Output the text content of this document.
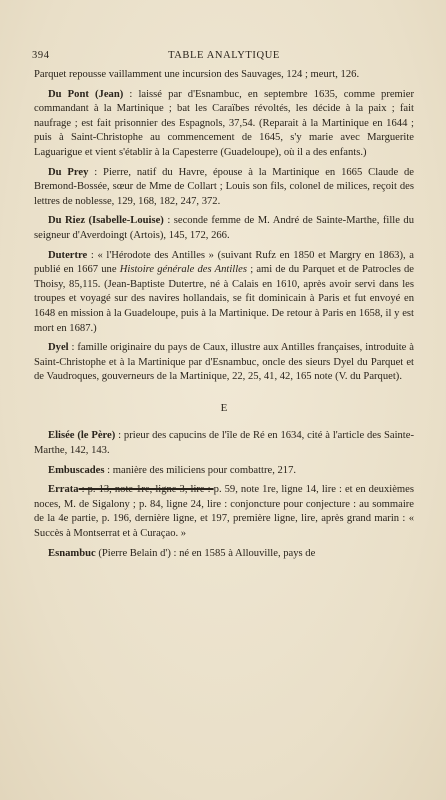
394	TABLE ANALYTIQUE

Parquet repousse vaillamment une incursion des Sauvages, 124 ; meurt, 126.

Du Pont (Jean) : laissé par d'Esnambuc, en septembre 1635, comme premier commandant à la Martinique ; bat les Caraïbes révoltés, les décide à la paix ; fait naufrage ; est fait prisonnier des Espagnols, 37,54. (Reparait à la Martinique en 1644 ; puis à Saint-Christophe au commencement de 1645, s'y marie avec Marguerite Laguarigue et vient s'établir à la Capesterre (Guadeloupe), où il a des enfants.)

Du Prey : Pierre, natif du Havre, épouse à la Martinique en 1665 Claude de Bremond-Bossée, sœur de Mme de Collart ; Louis son fils, colonel de milices, reçoit des lettres de noblesse, 129, 168, 182, 247, 372.

Du Riez (Isabelle-Louise) : seconde femme de M. André de Sainte-Marthe, fille du seigneur d'Averdoingt (Artois), 145, 172, 266.

Dutertre : « l'Hérodote des Antilles » (suivant Rufz en 1850 et Margry en 1863), a publié en 1667 une Histoire générale des Antilles ; ami de du Parquet et de Patrocles de Thoisy, 85,115. (Jean-Baptiste Dutertre, né à Calais en 1610, après avoir servi dans les troupes et voyagé sur des navires hollandais, se fit dominicain à Paris et fut envoyé en 1648 en mission à la Guadeloupe, puis à la Martinique. De retour à Paris en 1658, il y est mort en 1687.)

Dyel : famille originaire du pays de Caux, illustre aux Antilles françaises, introduite à Saint-Christophe et à la Martinique par d'Esnambuc, oncle des sieurs Dyel du Parquet et de Vaudroques, gouverneurs de la Martinique, 22, 25, 41, 42, 165 note (V. du Parquet).

E

Elisée (le Père) : prieur des capucins de l'île de Ré en 1634, cité à l'article des Sainte-Marthe, 142, 143.

Embuscades : manière des miliciens pour combattre, 217.

Errata : p. 13, note 1re, ligne 3, lire : p. 59, note 1re, ligne 14, lire : et en deuxièmes noces, M. de Sigalony ; p. 84, ligne 24, lire : conjoncture pour conjecture : au sommaire de la 4e partie, p. 196, dernière ligne, et 197, première ligne, lire, après grand marin : « Succès à Montserrat et à Curaçao. »

Esnambuc (Pierre Belain d') : né en 1585 à Allouville, pays de
